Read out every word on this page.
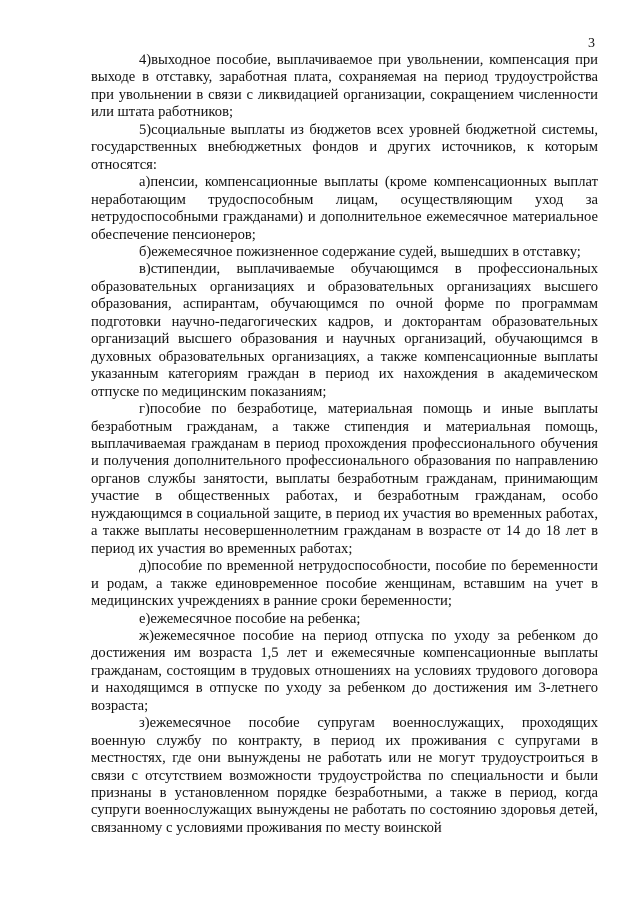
3

4)выходное пособие, выплачиваемое при увольнении, компенсация при выходе в отставку, заработная плата, сохраняемая на период трудоустройства при увольнении в связи с ликвидацией организации, сокращением численности или штата работников;

5)социальные выплаты из бюджетов всех уровней бюджетной системы, государственных внебюджетных фондов и других источников, к которым относятся:

а)пенсии, компенсационные выплаты (кроме компенсационных выплат неработающим трудоспособным лицам, осуществляющим уход за нетрудоспособными гражданами) и дополнительное ежемесячное материальное обеспечение пенсионеров;

б)ежемесячное пожизненное содержание судей, вышедших в отставку;

в)стипендии, выплачиваемые обучающимся в профессиональных образовательных организациях и образовательных организациях высшего образования, аспирантам, обучающимся по очной форме по программам подготовки научно-педагогических кадров, и докторантам образовательных организаций высшего образования и научных организаций, обучающимся в духовных образовательных организациях, а также компенсационные выплаты указанным категориям граждан в период их нахождения в академическом отпуске по медицинским показаниям;

г)пособие по безработице, материальная помощь и иные выплаты безработным гражданам, а также стипендия и материальная помощь, выплачиваемая гражданам в период прохождения профессионального обучения и получения дополнительного профессионального образования по направлению органов службы занятости, выплаты безработным гражданам, принимающим участие в общественных работах, и безработным гражданам, особо нуждающимся в социальной защите, в период их участия во временных работах, а также выплаты несовершеннолетним гражданам в возрасте от 14 до 18 лет в период их участия во временных работах;

д)пособие по временной нетрудоспособности, пособие по беременности и родам, а также единовременное пособие женщинам, вставшим на учет в медицинских учреждениях в ранние сроки беременности;

е)ежемесячное пособие на ребенка;

ж)ежемесячное пособие на период отпуска по уходу за ребенком до достижения им возраста 1,5 лет и ежемесячные компенсационные выплаты гражданам, состоящим в трудовых отношениях на условиях трудового договора и находящимся в отпуске по уходу за ребенком до достижения им 3-летнего возраста;

з)ежемесячное пособие супругам военнослужащих, проходящих военную службу по контракту, в период их проживания с супругами в местностях, где они вынуждены не работать или не могут трудоустроиться в связи с отсутствием возможности трудоустройства по специальности и были признаны в установленном порядке безработными, а также в период, когда супруги военнослужащих вынуждены не работать по состоянию здоровья детей, связанному с условиями проживания по месту воинской
